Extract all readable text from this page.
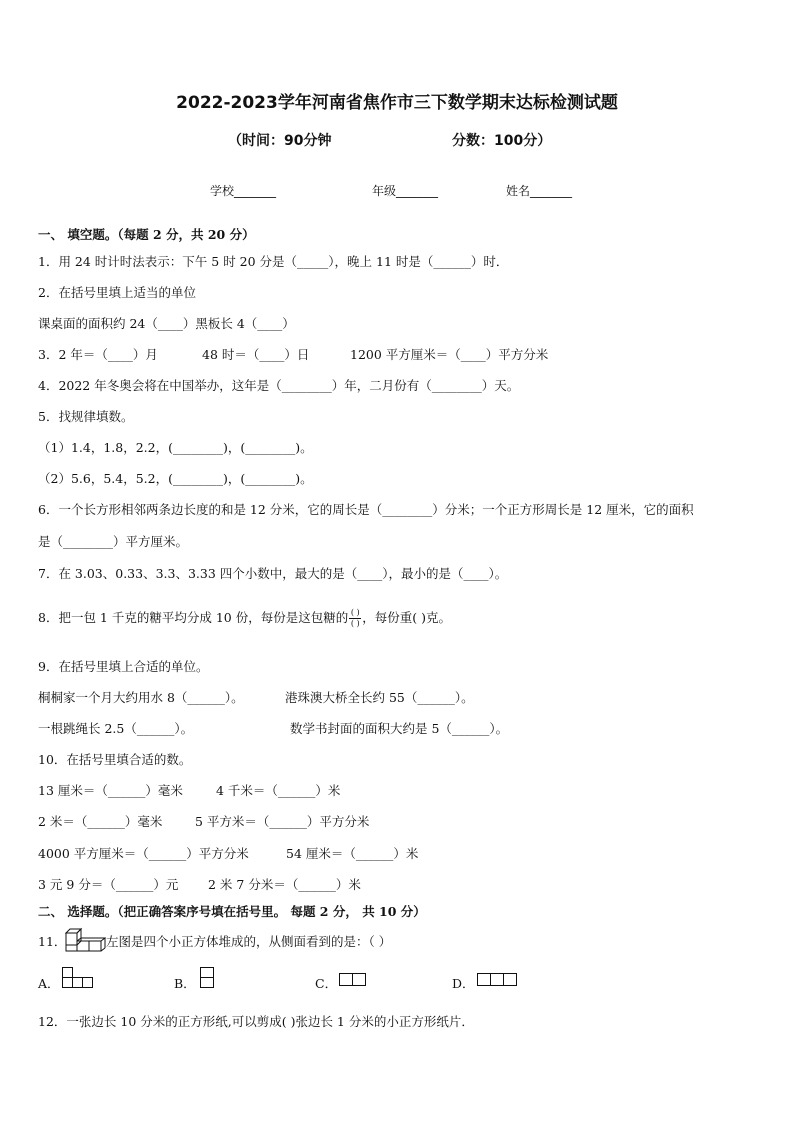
2022-2023学年河南省焦作市三下数学期末达标检测试题
（时间：90分钟	分数：100分）
学校_______	年级_______	姓名_______
一、 填空题。（每题 2 分，共 20 分）
1．用 24 时计时法表示：下午 5 时 20 分是（_____），晚上 11 时是（______）时．
2．在括号里填上适当的单位
课桌面的面积约 24（____）黑板长 4（____）
3．2 年＝（____）月	48 时＝（____）日	1200 平方厘米＝（____）平方分米
4．2022 年冬奥会将在中国举办，这年是（________）年，二月份有（________）天。
5．找规律填数。
（1）1.4，1.8，2.2，(________)，(________)。
（2）5.6，5.4，5.2，(________)，(________)。
6．一个长方形相邻两条边长度的和是 12 分米，它的周长是（________）分米；一个正方形周长是 12 厘米，它的面积
是（________）平方厘米。
7．在 3.03、0.33、3.3、3.33 四个小数中，最大的是（____），最小的是（____）。
8．把一包 1 千克的糖平均分成 10 份，每份是这包糖的 $\frac{( )}{( )}$ ，每份重( )克。
9．在括号里填上合适的单位。
桐桐家一个月大约用水 8（______）。	港珠澳大桥全长约 55（______）。
一根跳绳长 2.5（______）。	数学书封面的面积大约是 5（______）。
10．在括号里填合适的数。
13 厘米＝（______）毫米	4 千米＝（______）米
2 米＝（______）毫米	5 平方米＝（______）平方分米
4000 平方厘米＝（______）平方分米	54 厘米＝（______）米
3 元 9 分＝（______）元 2 米 7 分米＝（______）米
二、 选择题。（把正确答案序号填在括号里。 每题 2 分， 共 10 分）
11．	左图是四个小正方体堆成的，从侧面看到的是：（ ）
A．	B．	C．	D．
12．一张边长 10 分米的正方形纸,可以剪成( )张边长 1 分米的小正方形纸片．
